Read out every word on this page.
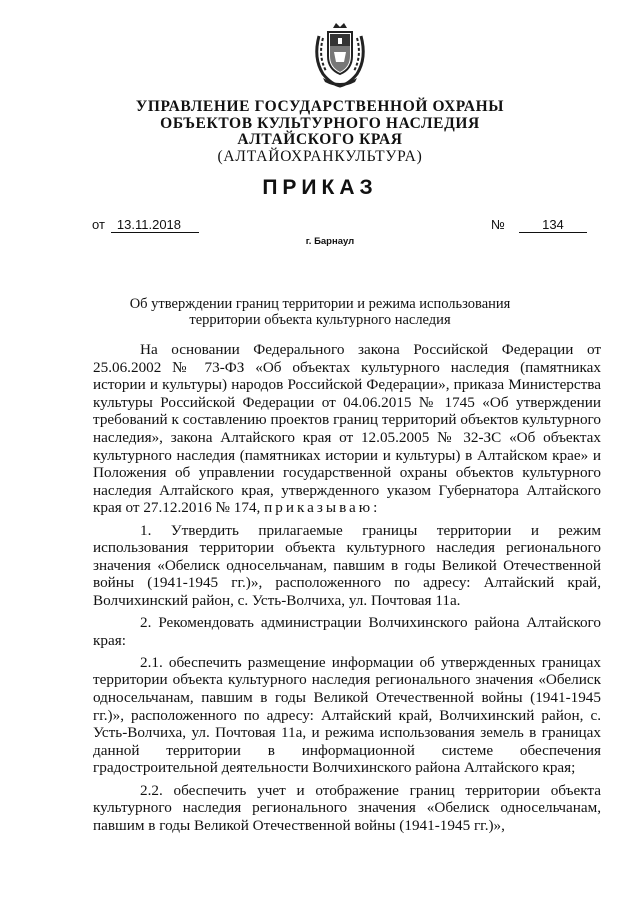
УПРАВЛЕНИЕ ГОСУДАРСТВЕННОЙ ОХРАНЫ
ОБЪЕКТОВ КУЛЬТУРНОГО НАСЛЕДИЯ
АЛТАЙСКОГО КРАЯ
(АЛТАЙОХРАНКУЛЬТУРА)
ПРИКАЗ
от 13.11.2018	№	134
г. Барнаул
Об утверждении границ территории и режима использования
территории объекта культурного наследия

На основании Федерального закона Российской Федерации от 25.06.2002 № 73-ФЗ «Об объектах культурного наследия (памятниках истории и культуры) народов Российской Федерации», приказа Министерства культуры Российской Федерации от 04.06.2015 № 1745 «Об утверждении требований к составлению проектов границ территорий объектов культурного наследия», закона Алтайского края от 12.05.2005 № 32-ЗС «Об объектах культурного наследия (памятниках истории и культуры) в Алтайском крае» и Положения об управлении государственной охраны объектов культурного наследия Алтайского края, утвержденного указом Губернатора Алтайского края от 27.12.2016 № 174, приказываю:

1. Утвердить прилагаемые границы территории и режим использования территории объекта культурного наследия регионального значения «Обелиск односельчанам, павшим в годы Великой Отечественной войны (1941-1945 гг.)», расположенного по адресу: Алтайский край, Волчихинский район, с. Усть-Волчиха, ул. Почтовая 11а.

2. Рекомендовать администрации Волчихинского района Алтайского края:

2.1. обеспечить размещение информации об утвержденных границах территории объекта культурного наследия регионального значения «Обелиск односельчанам, павшим в годы Великой Отечественной войны (1941-1945 гг.)», расположенного по адресу: Алтайский край, Волчихинский район, с. Усть-Волчиха, ул. Почтовая 11а, и режима использования земель в границах данной территории в информационной системе обеспечения градостроительной деятельности Волчихинского района Алтайского края;

2.2. обеспечить учет и отображение границ территории объекта культурного наследия регионального значения «Обелиск односельчанам, павшим в годы Великой Отечественной войны (1941-1945 гг.)»,
